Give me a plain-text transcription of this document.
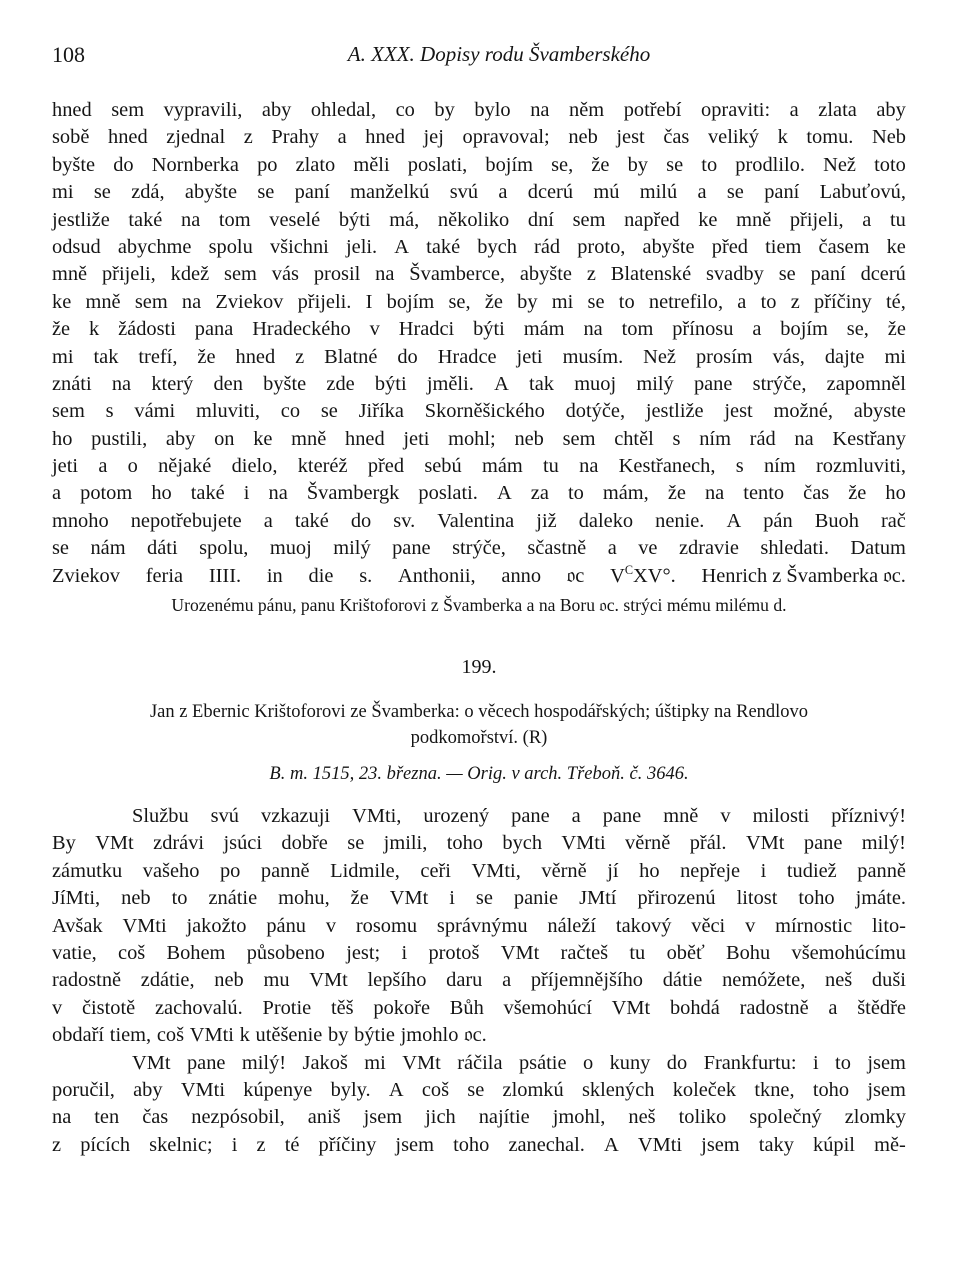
108	A. XXX. Dopisy rodu Švamberského
hned sem vypravili, aby ohledal, co by bylo na něm potřebí opraviti: a zlata aby
sobě hned zjednal z Prahy a hned jej opravoval; neb jest čas veliký k tomu. Neb
byšte do Nornberka po zlato měli poslati, bojím se, že by se to prodlilo. Než toto
mi se zdá, abyšte se paní manželkú svú a dcerú mú milú a se paní Labuťovú,
jestliže také na tom veselé býti má, několiko dní sem napřed ke mně přijeli, a tu
odsud abychme spolu všichni jeli. A také bych rád proto, abyšte před tiem časem ke
mně přijeli, kdež sem vás prosil na Švamberce, abyšte z Blatenské svadby se paní dcerú
ke mně sem na Zviekov přijeli. I bojím se, že by mi se to netrefilo, a to z příčiny té,
že k žádosti pana Hradeckého v Hradci býti mám na tom přínosu a bojím se, že
mi tak trefí, že hned z Blatné do Hradce jeti musím. Než prosím vás, dajte mi
znáti na který den byšte zde býti jměli. A tak muoj milý pane strýče, zapomněl
sem s vámi mluviti, co se Jiříka Skorněšického dotýče, jestliže jest možné, abyste
ho pustili, aby on ke mně hned jeti mohl; neb sem chtěl s ním rád na Kestřany
jeti a o nějaké dielo, kteréž před sebú mám tu na Kestřanech, s ním rozmluviti,
a potom ho také i na Švambergk poslati. A za to mám, že na tento čas že ho
mnoho nepotřebujete a také do sv. Valentina již daleko nenie. A pán Buoh rač
se nám dáti spolu, muoj milý pane strýče, sčastně a ve zdravie shledati. Datum
Zviekov feria IIII. in die s. Anthonii, anno 𝔬c $V^CXV^\circ$. Henrich z Švamberka 𝔬c.
Urozenému pánu, panu Krištoforovi z Švamberka a na Boru 𝔬c. strýci mému milému d.
199.
Jan z Ebernic Krištoforovi ze Švamberka: o věcech hospodářských; úštipky na Rendlovo
podkomořství. (R)
B. m. 1515, 23. března. — Orig. v arch. Třeboň. č. 3646.
Službu svú vzkazuji VMti, urozený pane a pane mně v milosti příznivý!
By VMt zdrávi jsúci dobře se jmili, toho bych VMti věrně přál. VMt pane milý!
zámutku vašeho po panně Lidmile, ceři VMti, věrně jí ho nepřeje i tudiež panně
JíMti, neb to znátie mohu, že VMt i se panie JMtí přirozenú litost toho jmáte.
Avšak VMti jakožto pánu v rosomu správnýmu náleží takový věci v mírnostic lito-
vatie, coš Bohem působeno jest; i protoš VMt račteš tu oběť Bohu všemohúcímu
radostně zdátie, neb mu VMt lepšího daru a příjemnějšího dátie nemóžete, neš duši
v čistotě zachovalú. Protie těš pokoře Bůh všemohúcí VMt bohdá radostně a štědře
obdaří tiem, coš VMti k utěšenie by býtie jmohlo 𝔬c.
VMt pane milý! Jakoš mi VMt ráčila psátie o kuny do Frankfurtu: i to jsem
poručil, aby VMti kúpenye byly. A coš se zlomkú sklených koleček tkne, toho jsem
na ten čas nezpósobil, aniš jsem jich najítie jmohl, neš toliko společný zlomky
z pících skelnic; i z té příčiny jsem toho zanechal. A VMti jsem taky kúpil mě-
